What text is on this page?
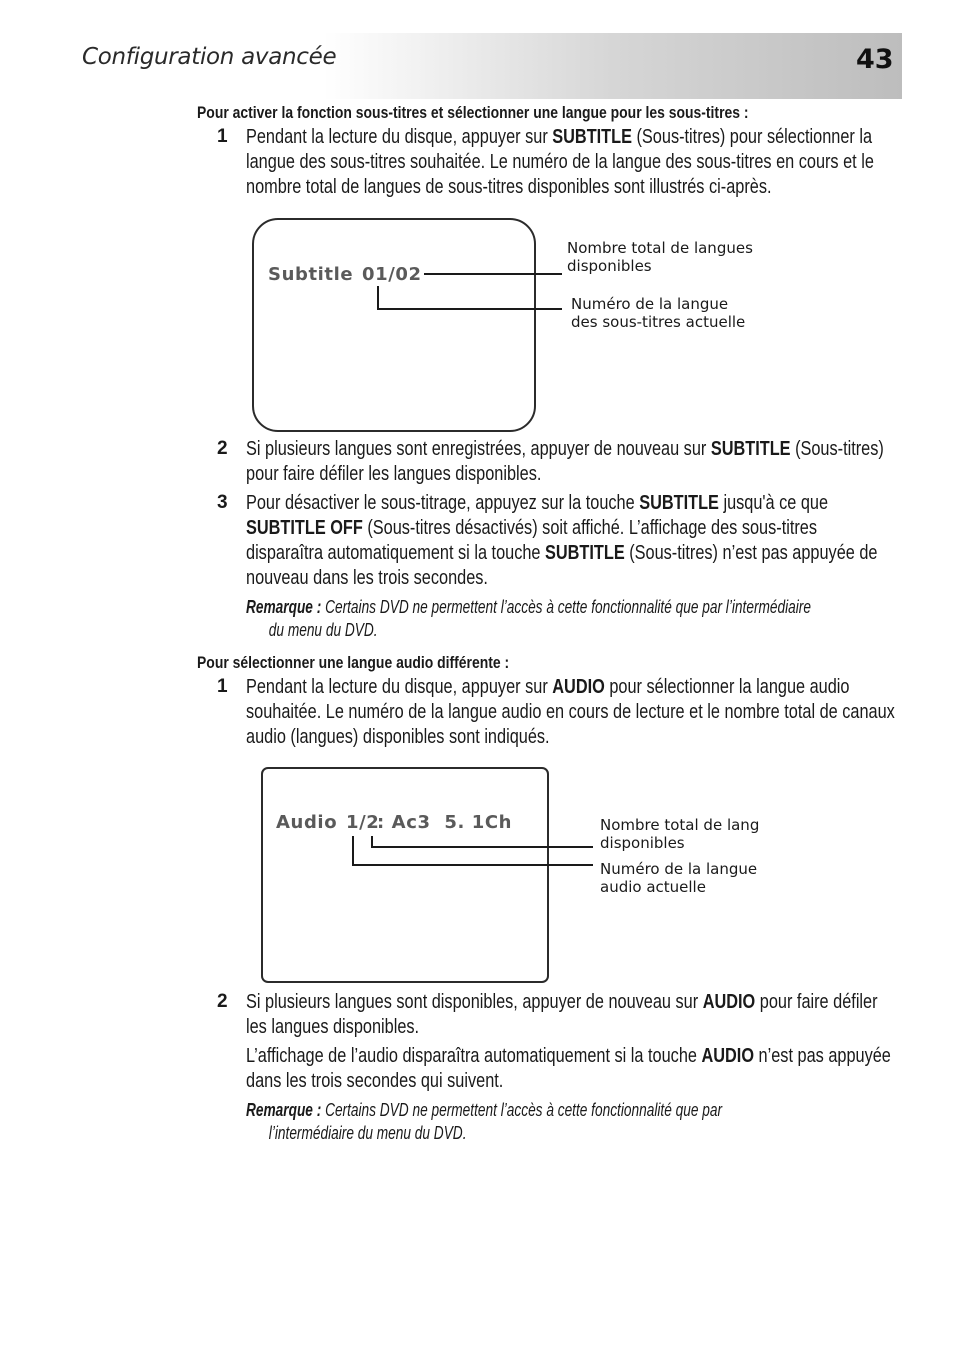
Configuration avancée	43
Pour activer la fonction sous-titres et sélectionner une langue pour les sous-titres :
1 Pendant la lecture du disque, appuyer sur SUBTITLE (Sous-titres) pour sélectionner la langue des sous-titres souhaitée. Le numéro de la langue des sous-titres en cours et le nombre total de langues de sous-titres disponibles sont illustrés ci-après.
Subtitle 01/02
Nombre total de langues
disponibles
Numéro de la langue
des sous-titres actuelle
2 Si plusieurs langues sont enregistrées, appuyer de nouveau sur SUBTITLE (Sous-titres) pour faire défiler les langues disponibles.
3 Pour désactiver le sous-titrage, appuyez sur la touche SUBTITLE jusqu'à ce que SUBTITLE OFF (Sous-titres désactivés) soit affiché. L’affichage des sous-titres disparaîtra automatiquement si la touche SUBTITLE (Sous-titres) n’est pas appuyée de nouveau dans les trois secondes.
Remarque : Certains DVD ne permettent l’accès à cette fonctionnalité que par l’intermédiaire
du menu du DVD.
Pour sélectionner une langue audio différente :
1 Pendant la lecture du disque, appuyer sur AUDIO pour sélectionner la langue audio souhaitée. Le numéro de la langue audio en cours de lecture et le nombre total de canaux audio (langues) disponibles sont indiqués.
Audio 1/2
: Ac3  5. 1Ch	Nombre total de lang
disponibles
Numéro de la langue
audio actuelle
2 Si plusieurs langues sont disponibles, appuyer de nouveau sur AUDIO pour faire défiler les langues disponibles.
L’affichage de l’audio disparaîtra automatiquement si la touche AUDIO n’est pas appuyée dans les trois secondes qui suivent.
Remarque : Certains DVD ne permettent l’accès à cette fonctionnalité que par
l’intermédiaire du menu du DVD.
